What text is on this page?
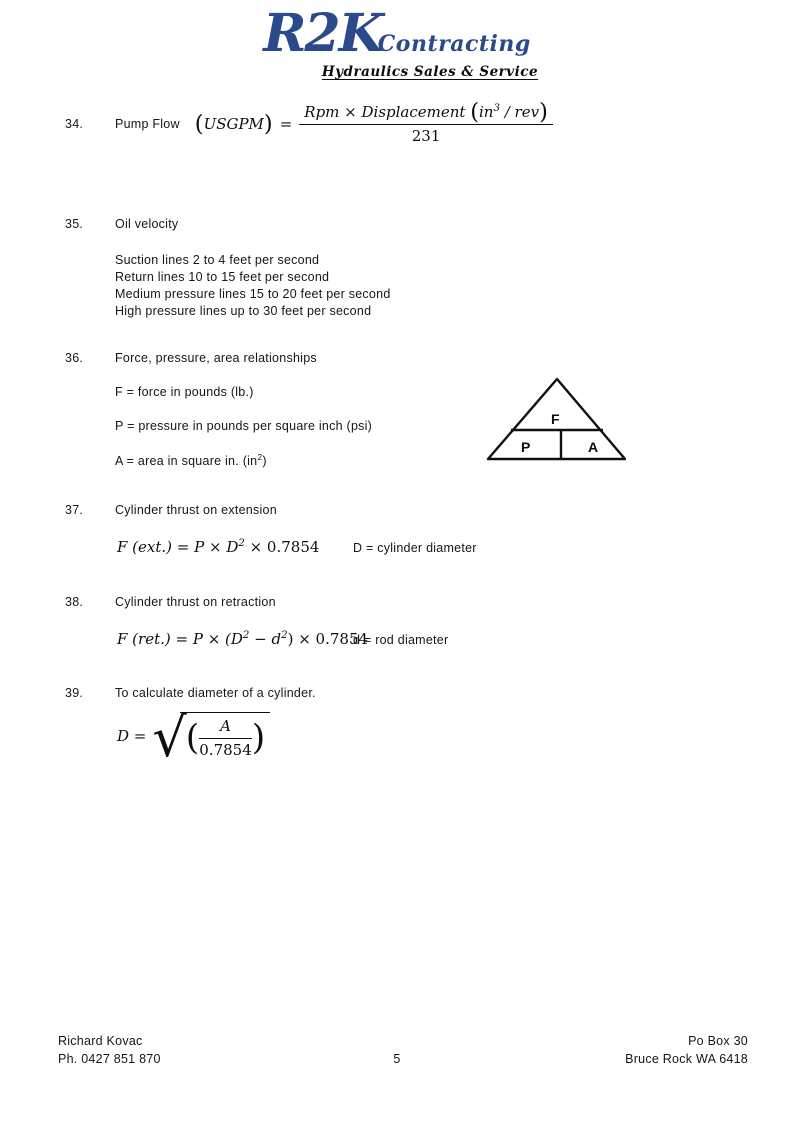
R2KContracting
Hydraulics Sales & Service
34.	Pump Flow (USGPM) = $\frac{Rpm \times Displacement (in^3 / rev)}{231}$
35.	Oil velocity
Suction lines 2 to 4 feet per second
Return lines 10 to 15 feet per second
Medium pressure lines 15 to 20 feet per second
High pressure lines up to 30 feet per second
36.	Force, pressure, area relationships
F = force in pounds (lb.)
P = pressure in pounds per square inch (psi)
A = area in square in. $(in^2)$
F
P	A
37.	Cylinder thrust on extension
F $(ext.) = P \times D^2 \times 0.7854$	D = cylinder diameter
38.	Cylinder thrust on retraction
F $(ret.) = P \times (D^2 - d^2) \times 0.7854$
d = rod diameter
39.	To calculate diameter of a cylinder.
D = √ ( $\frac{A}{0.7854}$ )
Richard Kovac
Ph. 0427 851 870	5
Po Box 30
Bruce Rock WA 6418
